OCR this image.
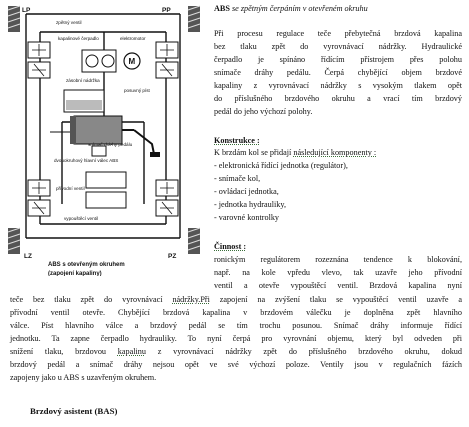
M
LP	PP
LZ	PZ
zpětný ventil
kapalinové čerpadlo	elektromotor
zásobní nádržka
posuvný píst
snímač drá-hy pedálu
dvouokruhový hlavní válec ABS
přívodní ventil
vypouštěcí ventil
ABS s otevřeným okruhem
(zapojení kapaliny)

ABS se zpětným čerpáním v otevřeném okruhu

Při procesu regulace teče přebytečná brzdová kapalina

bez tlaku zpět do vyrovnávací nádržky. Hydraulické

čerpadlo je spínáno řídícím přístrojem přes polohu

snímače dráhy pedálu. Čerpá chybějící objem brzdové

kapaliny z vyrovnávací nádržky s vysokým tlakem opět

do příslušného brzdového okruhu a vrací tím brzdový

pedál do jeho výchozí polohy.

Konstrukce :

K brzdám kol se přidají následující komponenty :

- elektronická řídící jednotka (regulátor),

- snímače kol,

- ovládací jednotka,

- jednotka hydrauliky,

- varovné kontrolky

Činnost :

ronickým regulátorem rozeznána tendence k blokování,

např. na kole vpředu vlevo, tak uzavře jeho přívodní

ventil a otevře vypouštěcí ventil. Brzdová kapalina nyní

teče bez tlaku zpět do vyrovnávací nádržky.Při zapojení na zvýšení tlaku se vypouštěcí ventil uzavře a

přívodní ventil otevře. Chybějící brzdová kapalina v brzdovém válečku je doplněna zpět hlavního

válce. Píst hlavního válce a brzdový pedál se tím trochu posunou. Snímač dráhy informuje řídící

jednotku. Ta zapne čerpadlo hydrauliky. To nyní čerpá pro vyrovnání objemu, který byl odveden při

snížení tlaku, brzdovou kapalinu z vyrovnávací nádržky zpět do příslušného brzdového okruhu, dokud

brzdový pedál a snímač dráhy nejsou opět ve své výchozí poloze. Ventily jsou v regulačních fázích

zapojeny jako u ABS s uzavřeným okruhem.

Brzdový asistent (BAS)
